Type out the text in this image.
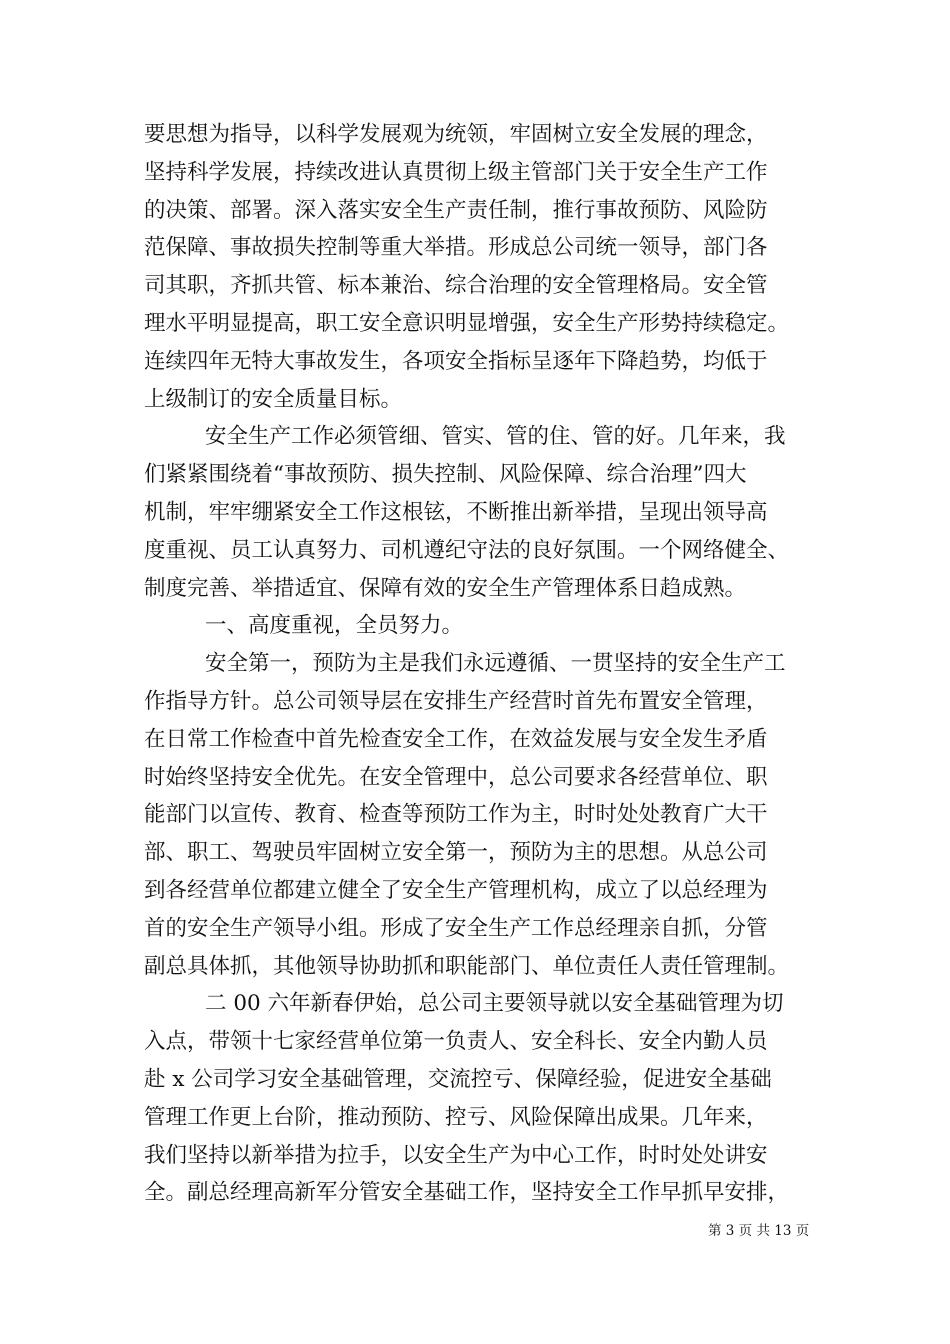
要思想为指导，以科学发展观为统领，牢固树立安全发展的理念，
坚持科学发展，持续改进认真贯彻上级主管部门关于安全生产工作
的决策、部署。深入落实安全生产责任制，推行事故预防、风险防
范保障、事故损失控制等重大举措。形成总公司统一领导，部门各
司其职，齐抓共管、标本兼治、综合治理的安全管理格局。安全管
理水平明显提高，职工安全意识明显增强，安全生产形势持续稳定。
连续四年无特大事故发生，各项安全指标呈逐年下降趋势，均低于
上级制订的安全质量目标。
安全生产工作必须管细、管实、管的住、管的好。几年来，我
们紧紧围绕着“事故预防、损失控制、风险保障、综合治理”四大
机制，牢牢绷紧安全工作这根铉，不断推出新举措，呈现出领导高
度重视、员工认真努力、司机遵纪守法的良好氛围。一个网络健全、
制度完善、举措适宜、保障有效的安全生产管理体系日趋成熟。
一、高度重视，全员努力。
安全第一，预防为主是我们永远遵循、一贯坚持的安全生产工
作指导方针。总公司领导层在安排生产经营时首先布置安全管理，
在日常工作检查中首先检查安全工作，在效益发展与安全发生矛盾
时始终坚持安全优先。在安全管理中，总公司要求各经营单位、职
能部门以宣传、教育、检查等预防工作为主，时时处处教育广大干
部、职工、驾驶员牢固树立安全第一，预防为主的思想。从总公司
到各经营单位都建立健全了安全生产管理机构，成立了以总经理为
首的安全生产领导小组。形成了安全生产工作总经理亲自抓，分管
副总具体抓，其他领导协助抓和职能部门、单位责任人责任管理制。
二 00 六年新春伊始，总公司主要领导就以安全基础管理为切
入点，带领十七家经营单位第一负责人、安全科长、安全内勤人员
赴 x 公司学习安全基础管理，交流控亏、保障经验，促进安全基础
管理工作更上台阶，推动预防、控亏、风险保障出成果。几年来，
我们坚持以新举措为拉手，以安全生产为中心工作，时时处处讲安
全。副总经理高新军分管安全基础工作，坚持安全工作早抓早安排，
第 3 页 共 13 页
